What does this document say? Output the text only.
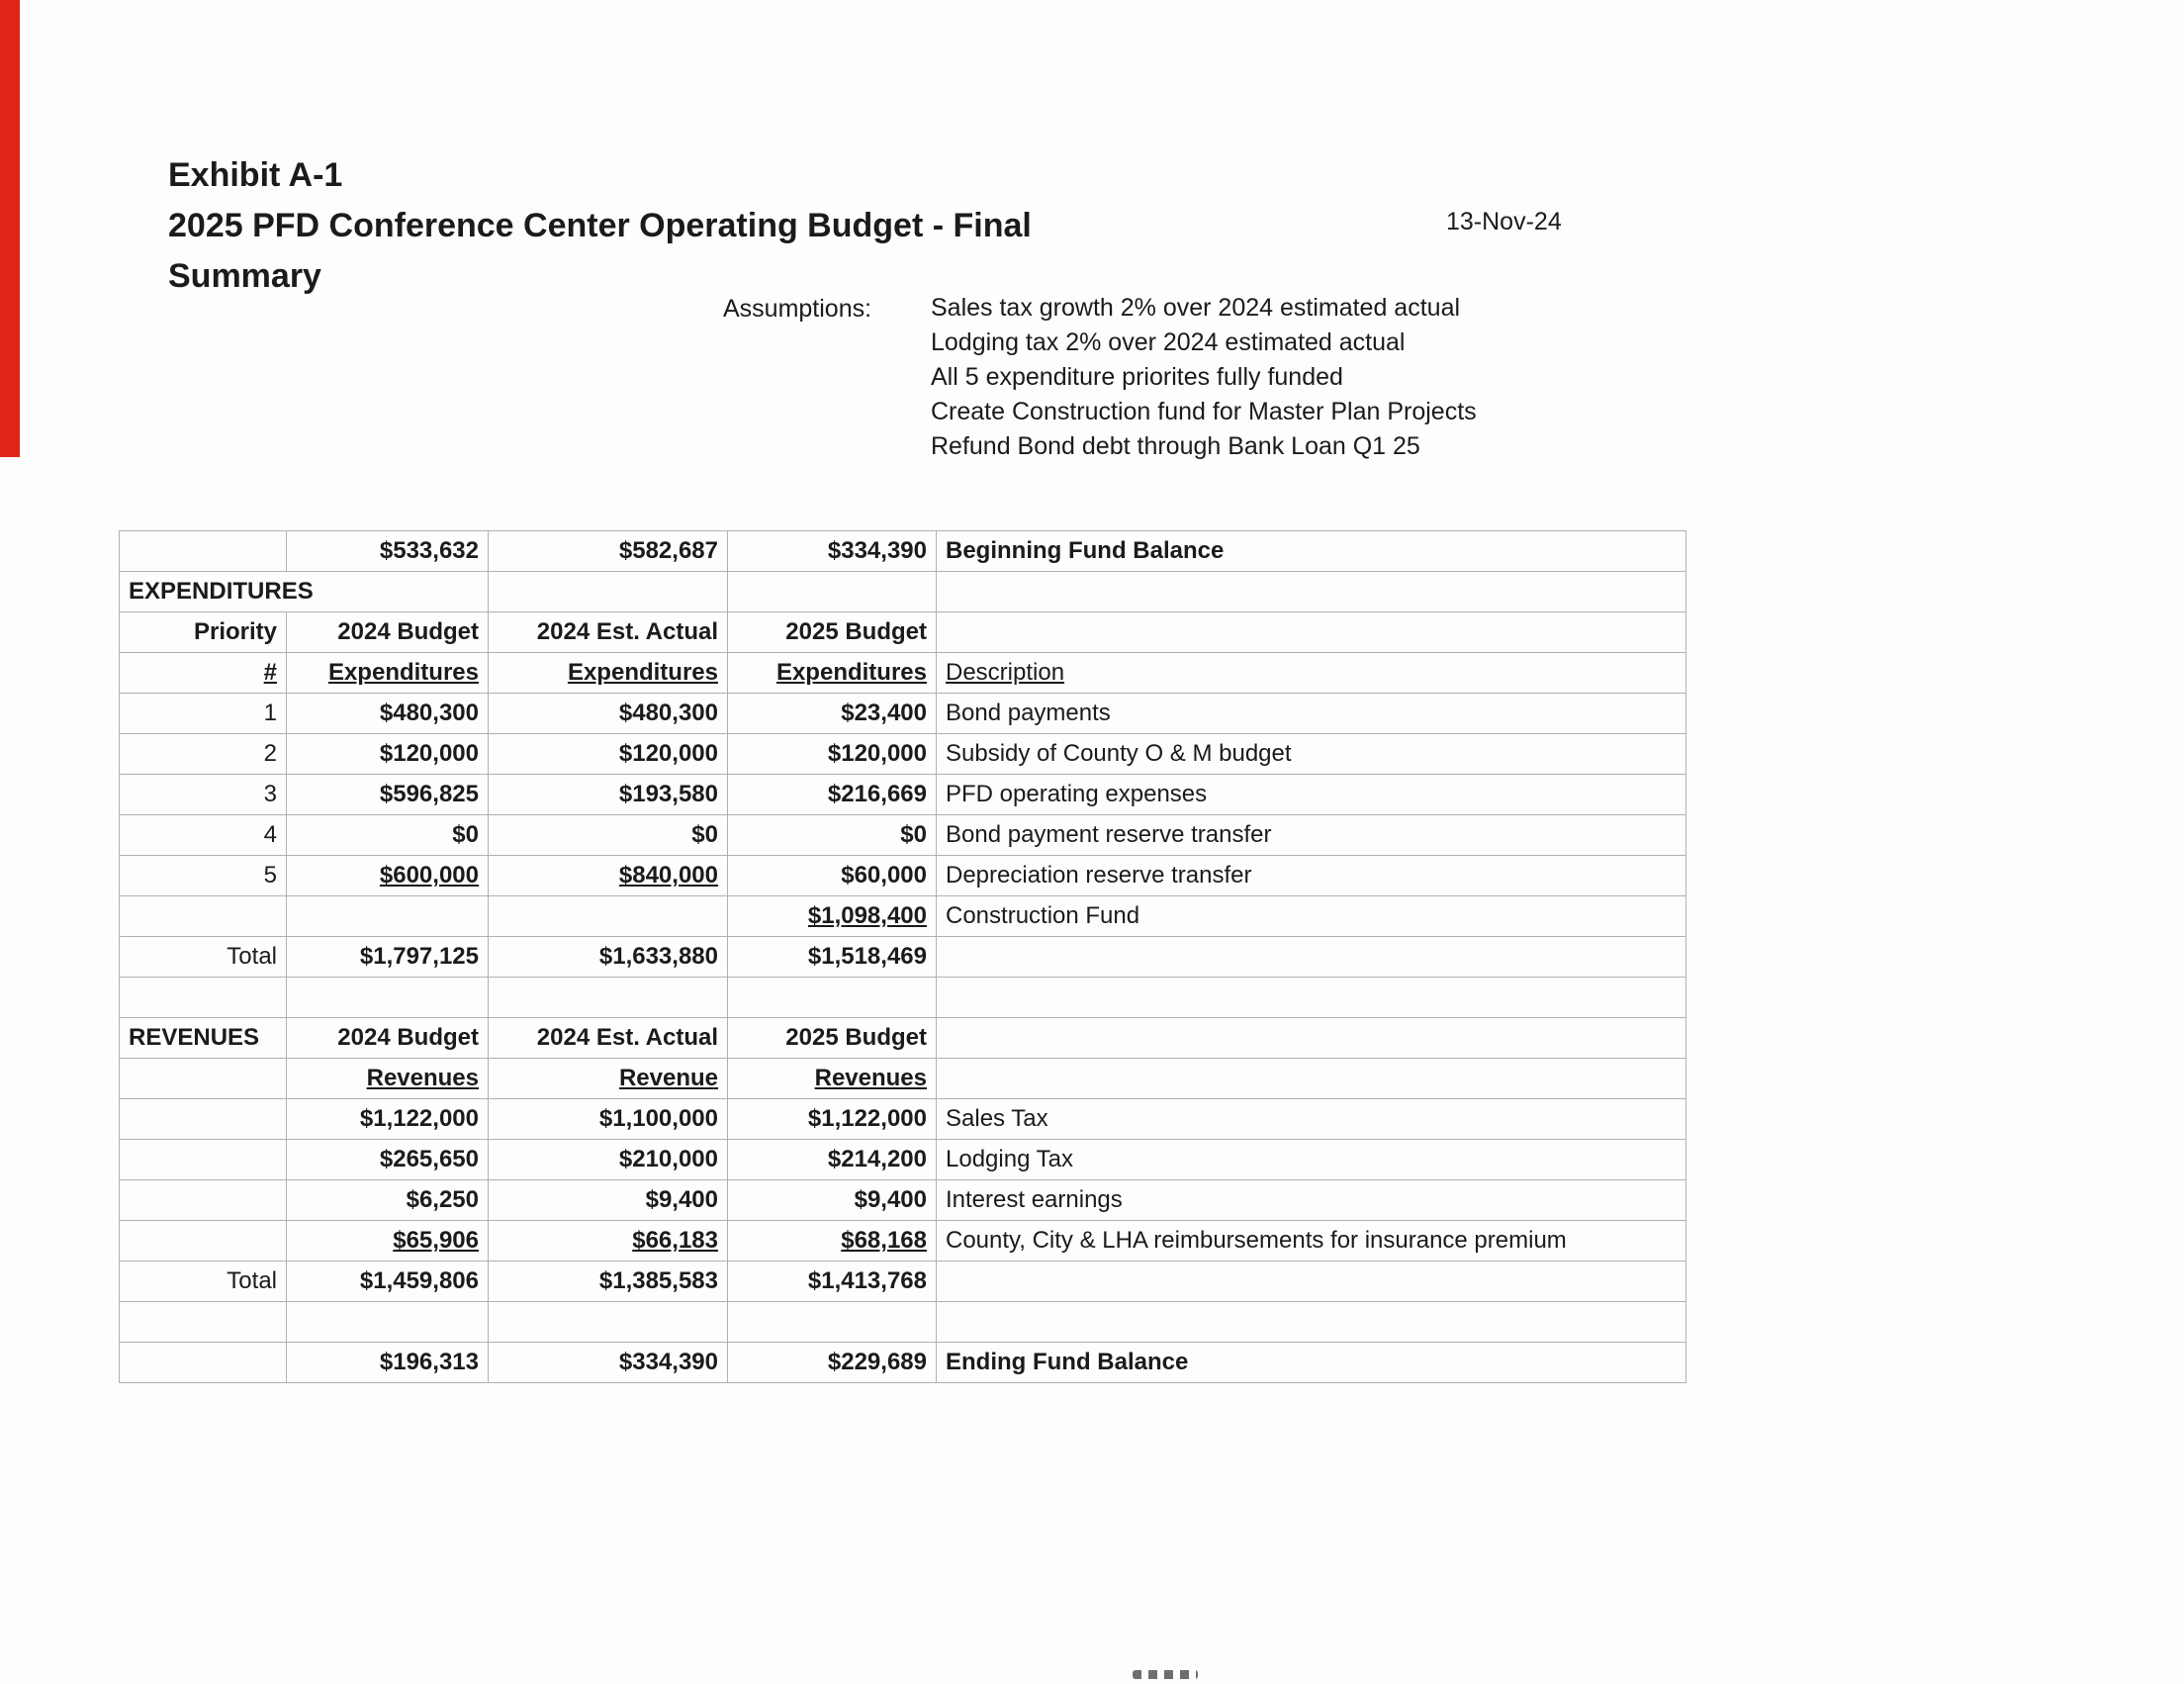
Exhibit A-1
2025 PFD Conference Center Operating Budget - Final
Summary
13-Nov-24
Assumptions: Sales tax growth 2% over 2024 estimated actual
Lodging tax 2% over 2024 estimated actual
All 5 expenditure priorites fully funded
Create Construction fund for Master Plan Projects
Refund Bond debt through Bank Loan Q1 25
	$533,632	$582,687	$334,390	Beginning Fund Balance
EXPENDITURES				
Priority	2024 Budget	2024 Est. Actual	2025 Budget	
#	Expenditures	Expenditures	Expenditures	Description
1	$480,300	$480,300	$23,400	Bond payments
2	$120,000	$120,000	$120,000	Subsidy of County O & M budget
3	$596,825	$193,580	$216,669	PFD operating expenses
4	$0	$0	$0	Bond payment reserve transfer
5	$600,000	$840,000	$60,000	Depreciation reserve transfer
			$1,098,400	Construction Fund
Total	$1,797,125	$1,633,880	$1,518,469	

REVENUES	2024 Budget	2024 Est. Actual	2025 Budget	
	Revenues	Revenue	Revenues	
	$1,122,000	$1,100,000	$1,122,000	Sales Tax
	$265,650	$210,000	$214,200	Lodging Tax
	$6,250	$9,400	$9,400	Interest earnings
	$65,906	$66,183	$68,168	County, City & LHA reimbursements for insurance premium
Total	$1,459,806	$1,385,583	$1,413,768	

	$196,313	$334,390	$229,689	Ending Fund Balance
